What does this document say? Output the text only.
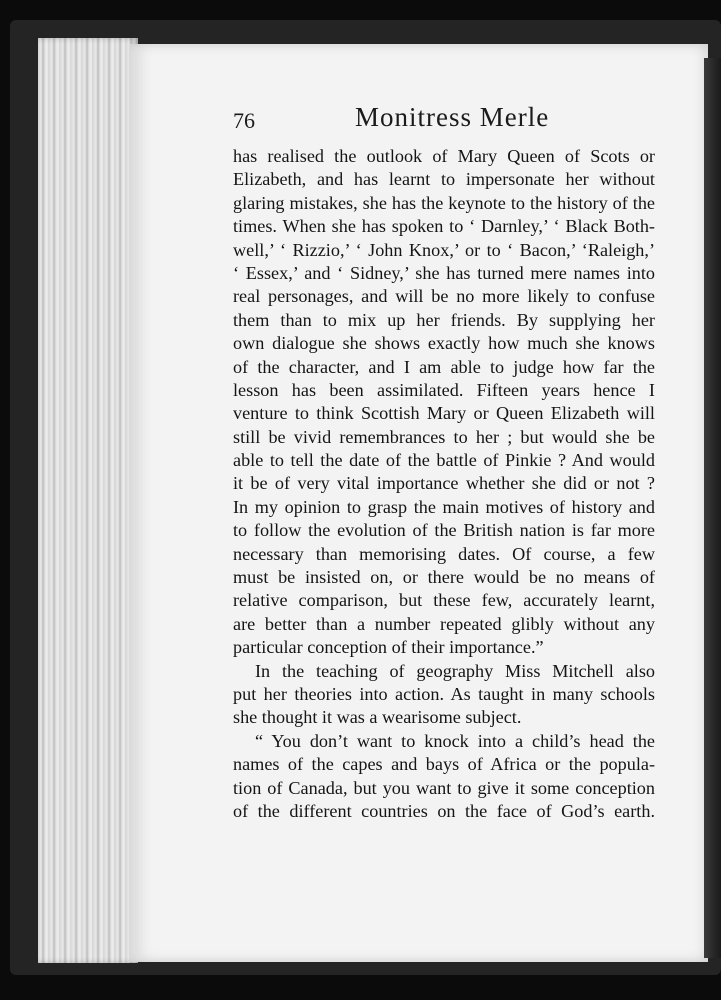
76	Monitress Merle
has realised the outlook of Mary Queen of Scots or
Elizabeth, and has learnt to impersonate her without
glaring mistakes, she has the keynote to the history of the
times. When she has spoken to ‘ Darnley,’ ‘ Black Both-
well,’ ‘ Rizzio,’ ‘ John Knox,’ or to ‘ Bacon,’ ‘Raleigh,’
‘ Essex,’ and ‘ Sidney,’ she has turned mere names into
real personages, and will be no more likely to confuse
them than to mix up her friends. By supplying her
own dialogue she shows exactly how much she knows
of the character, and I am able to judge how far the
lesson has been assimilated. Fifteen years hence I
venture to think Scottish Mary or Queen Elizabeth will
still be vivid remembrances to her ; but would she be
able to tell the date of the battle of Pinkie ? And would
it be of very vital importance whether she did or not ?
In my opinion to grasp the main motives of history and
to follow the evolution of the British nation is far more
necessary than memorising dates. Of course, a few
must be insisted on, or there would be no means of
relative comparison, but these few, accurately learnt,
are better than a number repeated glibly without any
particular conception of their importance.”
In the teaching of geography Miss Mitchell also
put her theories into action. As taught in many schools
she thought it was a wearisome subject.
“ You don’t want to knock into a child’s head the
names of the capes and bays of Africa or the popula-
tion of Canada, but you want to give it some conception
of the different countries on the face of God’s earth.
